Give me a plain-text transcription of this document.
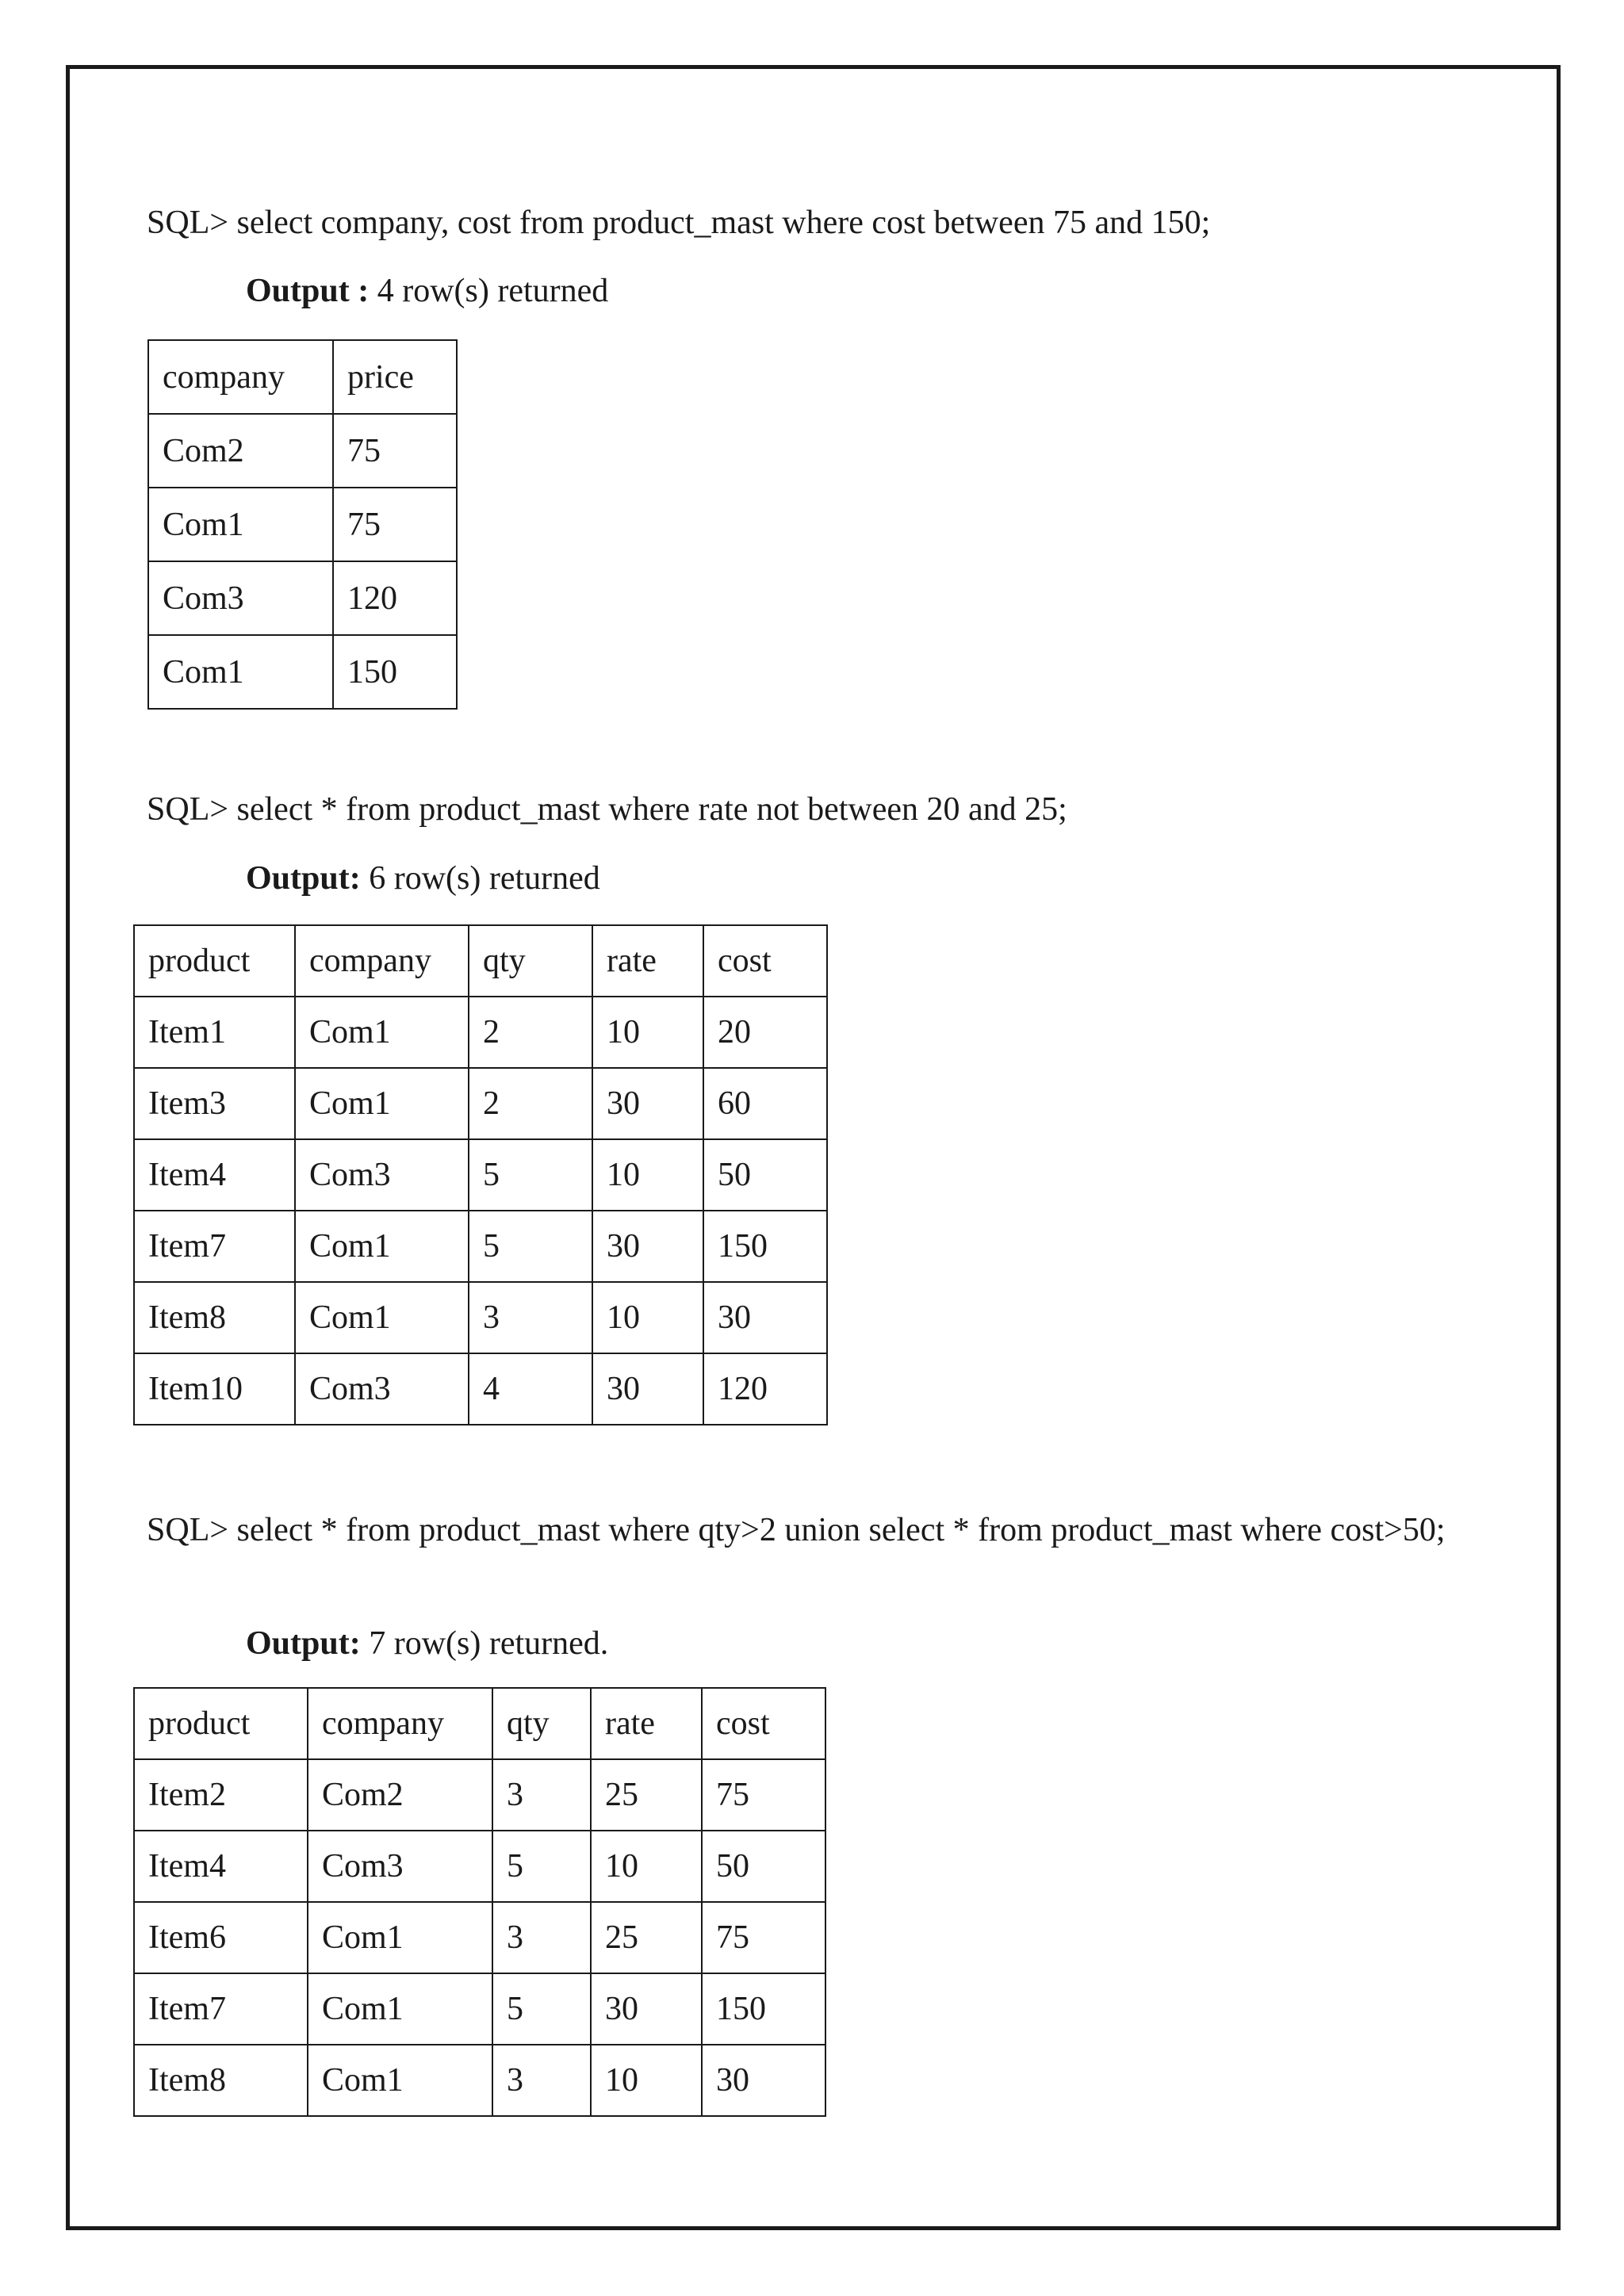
SQL> select company, cost from product_mast where cost between 75 and 150;

Output : 4 row(s) returned

company	price
Com2	75
Com1	75
Com3	120
Com1	150

SQL> select * from product_mast where rate not between 20 and 25;

Output: 6 row(s) returned

product	company	qty	rate	cost
Item1	Com1	2	10	20
Item3	Com1	2	30	60
Item4	Com3	5	10	50
Item7	Com1	5	30	150
Item8	Com1	3	10	30
Item10	Com3	4	30	120

SQL> select * from product_mast where qty>2 union select * from product_mast where cost>50;

Output: 7 row(s) returned.

product	company	qty	rate	cost
Item2	Com2	3	25	75
Item4	Com3	5	10	50
Item6	Com1	3	25	75
Item7	Com1	5	30	150
Item8	Com1	3	10	30
